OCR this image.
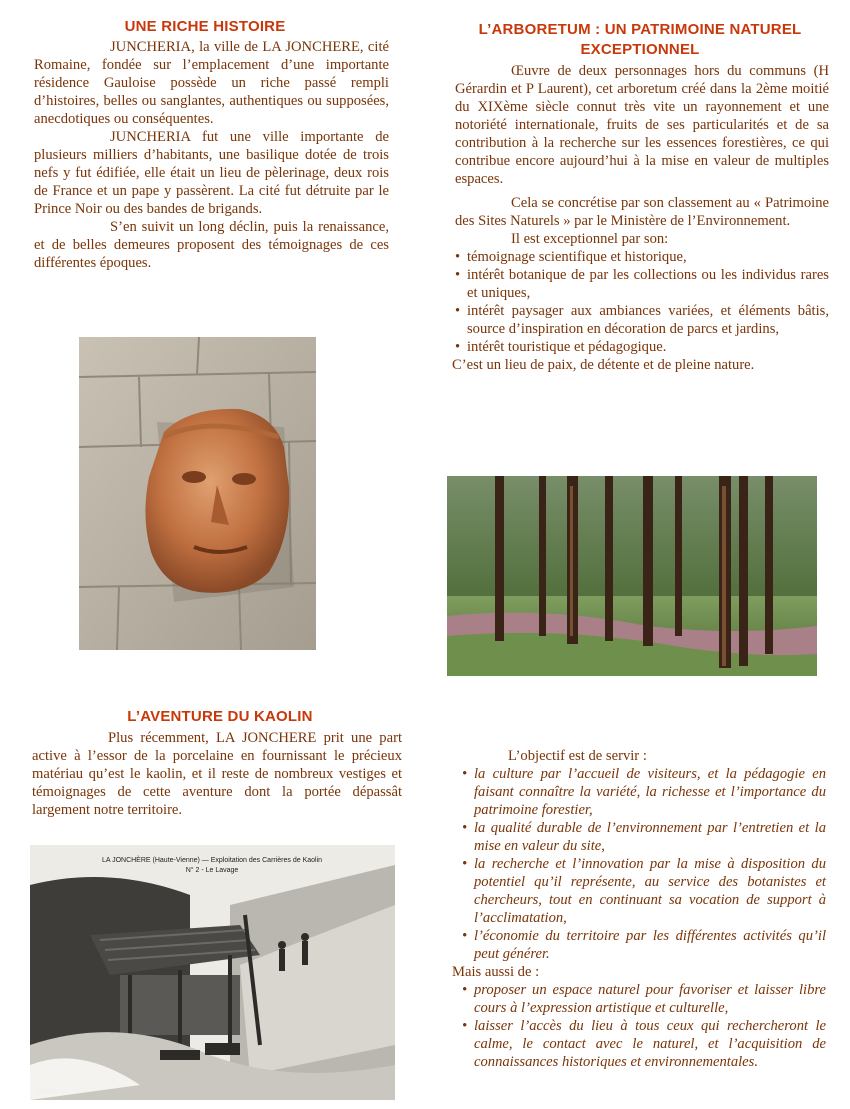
UNE RICHE HISTOIRE

JUNCHERIA, la ville de LA JONCHERE, cité Romaine, fondée sur l’emplacement d’une importante résidence Gauloise possède un riche passé rempli d’histoires, belles ou sanglantes, authentiques ou supposées, anecdotiques ou conséquentes.

JUNCHERIA fut une ville importante de plusieurs milliers d’habitants, une basilique dotée de trois nefs y fut édifiée, elle était un lieu de pèlerinage, deux rois de France et un pape y passèrent. La cité fut détruite par le Prince Noir ou des bandes de brigands.

S’en suivit un long déclin, puis la renaissance, et de belles demeures proposent des témoignages de ces différentes époques.

L’ARBORETUM : UN PATRIMOINE NATUREL
EXCEPTIONNEL

Œuvre de deux personnages hors du communs (H Gérardin et P Laurent), cet arboretum créé dans la 2ème moitié du XIXème siècle connut très vite un rayonnement et une notoriété internationale, fruits de ses particularités et de sa contribution à la recherche sur les essences forestières, ce qui contribue encore aujourd’hui à la mise en valeur de multiples espaces.

Cela se concrétise par son classement au « Patrimoine des Sites Naturels » par le Ministère de l’Environnement.

Il est exceptionnel par son:

• témoignage scientifique et historique,
• intérêt botanique de par les collections ou les individus rares et uniques,
• intérêt paysager aux ambiances variées, et éléments bâtis, source d’inspiration en décoration de parcs et jardins,
• intérêt touristique et pédagogique.

C’est un lieu de paix, de détente et de pleine nature.

L’AVENTURE DU KAOLIN

Plus récemment, LA JONCHERE prit une part active à l’essor de la porcelaine en fournissant le précieux matériau qu’est le kaolin, et il reste de nombreux vestiges et témoignages de cette aventure dont la portée dépassât largement notre territoire.

LA JONCHÈRE (Haute-Vienne) — Exploitation des Carrières de Kaolin
N° 2 - Le Lavage
Cliché L. S.

L’objectif est de servir :

• la culture par l’accueil de visiteurs, et la pédagogie en faisant connaître la variété, la richesse et l’importance du patrimoine forestier,
• la qualité durable de l’environnement par l’entretien et la mise en valeur du site,
• la recherche et l’innovation par la mise à disposition du potentiel qu’il représente, au service des botanistes et chercheurs, tout en continuant sa vocation de support à l’acclimatation,
• l’économie du territoire par les différentes activités qu’il peut générer.

Mais aussi de :

• proposer un espace naturel pour favoriser et laisser libre cours à l’expression artistique et culturelle,
• laisser l’accès du lieu à tous ceux qui rechercheront le calme, le contact avec le naturel, et l’acquisition de connaissances historiques et environnementales.
